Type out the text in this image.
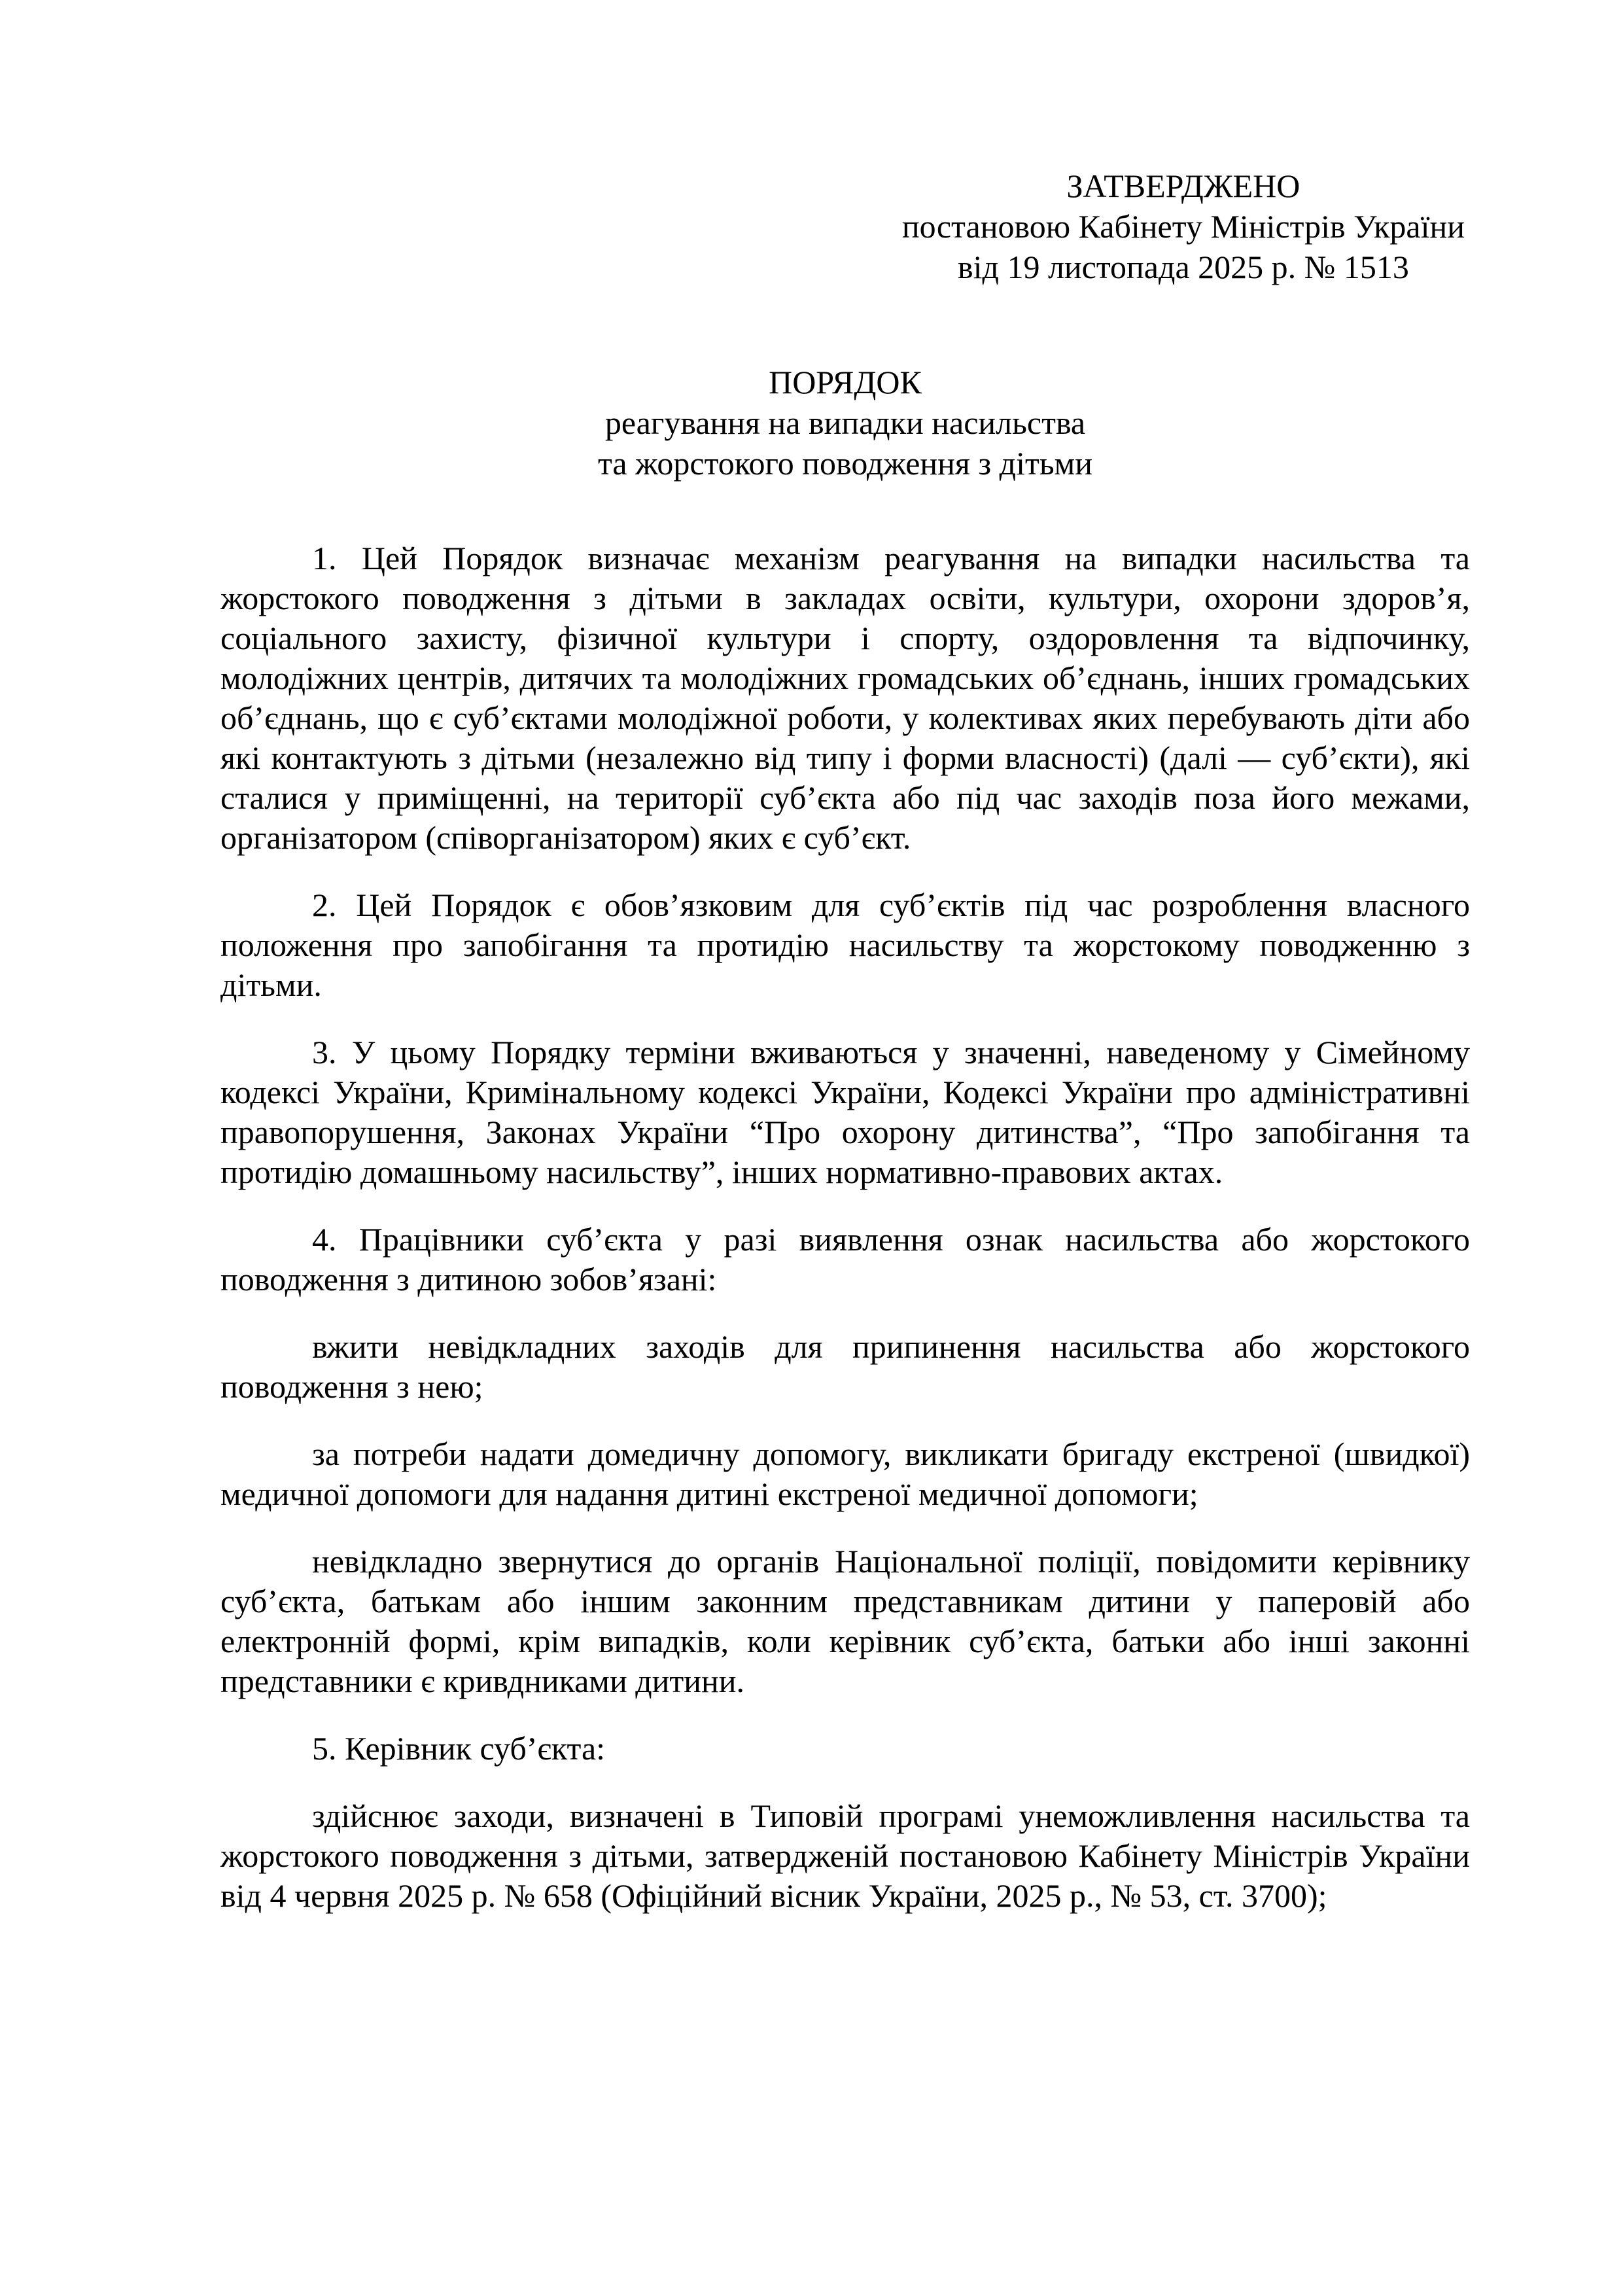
ЗАТВЕРДЖЕНО
постановою Кабінету Міністрів України
від 19 листопада 2025 р. № 1513
ПОРЯДОК
реагування на випадки насильства
та жорстокого поводження з дітьми

1. Цей Порядок визначає механізм реагування на випадки насильства та жорстокого поводження з дітьми в закладах освіти, культури, охорони здоров’я, соціального захисту, фізичної культури і спорту, оздоровлення та відпочинку, молодіжних центрів, дитячих та молодіжних громадських об’єднань, інших громадських об’єднань, що є суб’єктами молодіжної роботи, у колективах яких перебувають діти або які контактують з дітьми (незалежно від типу і форми власності) (далі — суб’єкти), які сталися у приміщенні, на території суб’єкта або під час заходів поза його межами, організатором (співорганізатором) яких є суб’єкт.

2. Цей Порядок є обов’язковим для суб’єктів під час розроблення власного положення про запобігання та протидію насильству та жорстокому поводженню з дітьми.

3. У цьому Порядку терміни вживаються у значенні, наведеному у Сімейному кодексі України, Кримінальному кодексі України, Кодексі України про адміністративні правопорушення, Законах України “Про охорону дитинства”, “Про запобігання та протидію домашньому насильству”, інших нормативно-правових актах.

4. Працівники суб’єкта у разі виявлення ознак насильства або жорстокого поводження з дитиною зобов’язані:

вжити невідкладних заходів для припинення насильства або жорстокого поводження з нею;

за потреби надати домедичну допомогу, викликати бригаду екстреної (швидкої) медичної допомоги для надання дитині екстреної медичної допомоги;

невідкладно звернутися до органів Національної поліції, повідомити керівнику суб’єкта, батькам або іншим законним представникам дитини у паперовій або електронній формі, крім випадків, коли керівник суб’єкта, батьки або інші законні представники є кривдниками дитини.

5. Керівник суб’єкта:

здійснює заходи, визначені в Типовій програмі унеможливлення насильства та жорстокого поводження з дітьми, затвердженій постановою Кабінету Міністрів України від 4 червня 2025 р. № 658 (Офіційний вісник України, 2025 р., № 53, ст. 3700);
